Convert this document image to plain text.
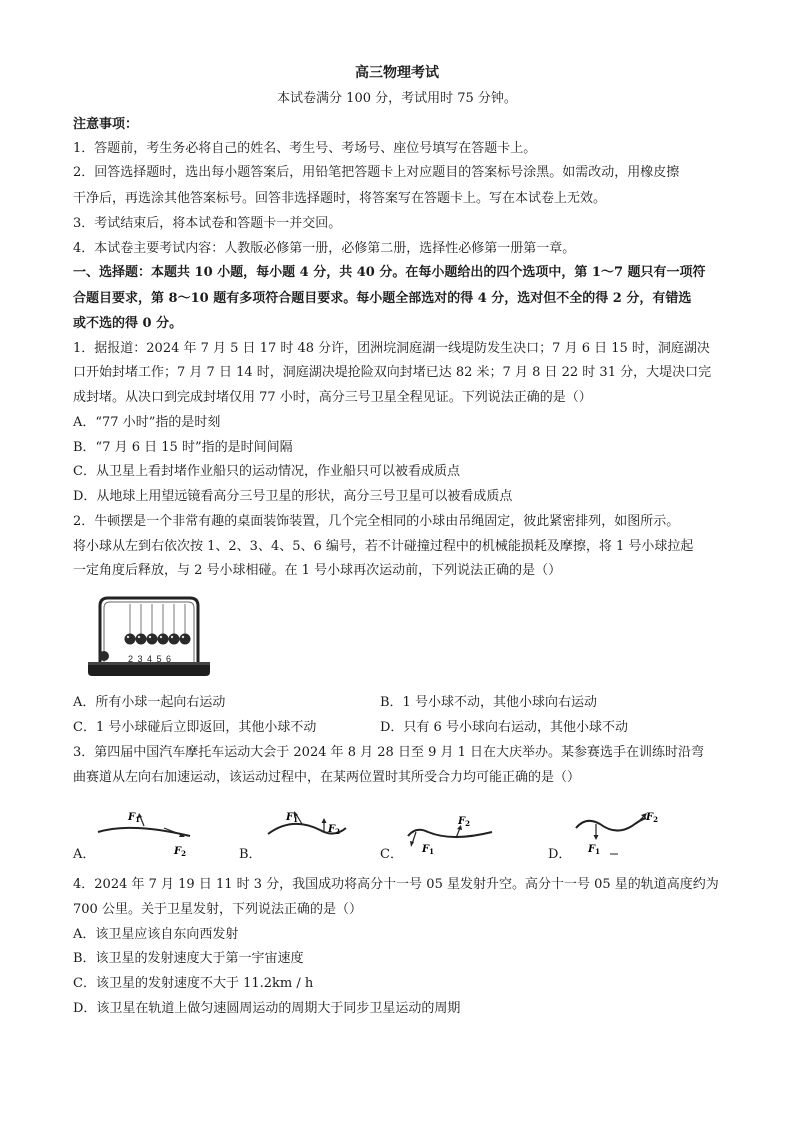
高三物理考试
本试卷满分 100 分，考试用时 75 分钟。
注意事项：
1．答题前，考生务必将自己的姓名、考生号、考场号、座位号填写在答题卡上。
2．回答选择题时，选出每小题答案后，用铅笔把答题卡上对应题目的答案标号涂黑。如需改动，用橡皮擦
干净后，再选涂其他答案标号。回答非选择题时，将答案写在答题卡上。写在本试卷上无效。
3．考试结束后，将本试卷和答题卡一并交回。
4．本试卷主要考试内容：人教版必修第一册，必修第二册，选择性必修第一册第一章。
一、选择题：本题共 10 小题，每小题 4 分，共 40 分。在每小题给出的四个选项中，第 1～7 题只有一项符
合题目要求，第 8～10 题有多项符合题目要求。每小题全部选对的得 4 分，选对但不全的得 2 分，有错选
或不选的得 0 分。
1．据报道：2024 年 7 月 5 日 17 时 48 分许，团洲垸洞庭湖一线堤防发生决口；7 月 6 日 15 时，洞庭湖决
口开始封堵工作；7 月 7 日 14 时，洞庭湖决堤抢险双向封堵已达 82 米；7 月 8 日 22 时 31 分，大堤决口完
成封堵。从决口到完成封堵仅用 77 小时，高分三号卫星全程见证。下列说法正确的是（）
A．“77 小时”指的是时刻
B．“7 月 6 日 15 时”指的是时间间隔
C．从卫星上看封堵作业船只的运动情况，作业船只可以被看成质点
D．从地球上用望远镜看高分三号卫星的形状，高分三号卫星可以被看成质点
2．牛顿摆是一个非常有趣的桌面装饰装置，几个完全相同的小球由吊绳固定，彼此紧密排列，如图所示。
将小球从左到右依次按 1、2、3、4、5、6 编号，若不计碰撞过程中的机械能损耗及摩擦，将 1 号小球拉起
一定角度后释放，与 2 号小球相碰。在 1 号小球再次运动前，下列说法正确的是（）
23456
A．所有小球一起向右运动	B．1 号小球不动，其他小球向右运动
C．1 号小球碰后立即返回，其他小球不动	D．只有 6 号小球向右运动，其他小球不动
3．第四届中国汽车摩托车运动大会于 2024 年 8 月 28 日至 9 月 1 日在大庆举办。某参赛选手在训练时沿弯
曲赛道从左向右加速运动，该运动过程中，在某两位置时其所受合力均可能正确的是（）
A．
$F_1$
$F_2$	B．
$F_1$
$F_2$
C． $F_1$
$F_2$
D． $F_1$
$F_2$
4．2024 年 7 月 19 日 11 时 3 分，我国成功将高分十一号 05 星发射升空。高分十一号 05 星的轨道高度约为
700 公里。关于卫星发射，下列说法正确的是（）
A．该卫星应该自东向西发射
B．该卫星的发射速度大于第一宇宙速度
C．该卫星的发射速度不大于 11.2km / h
D．该卫星在轨道上做匀速圆周运动的周期大于同步卫星运动的周期
